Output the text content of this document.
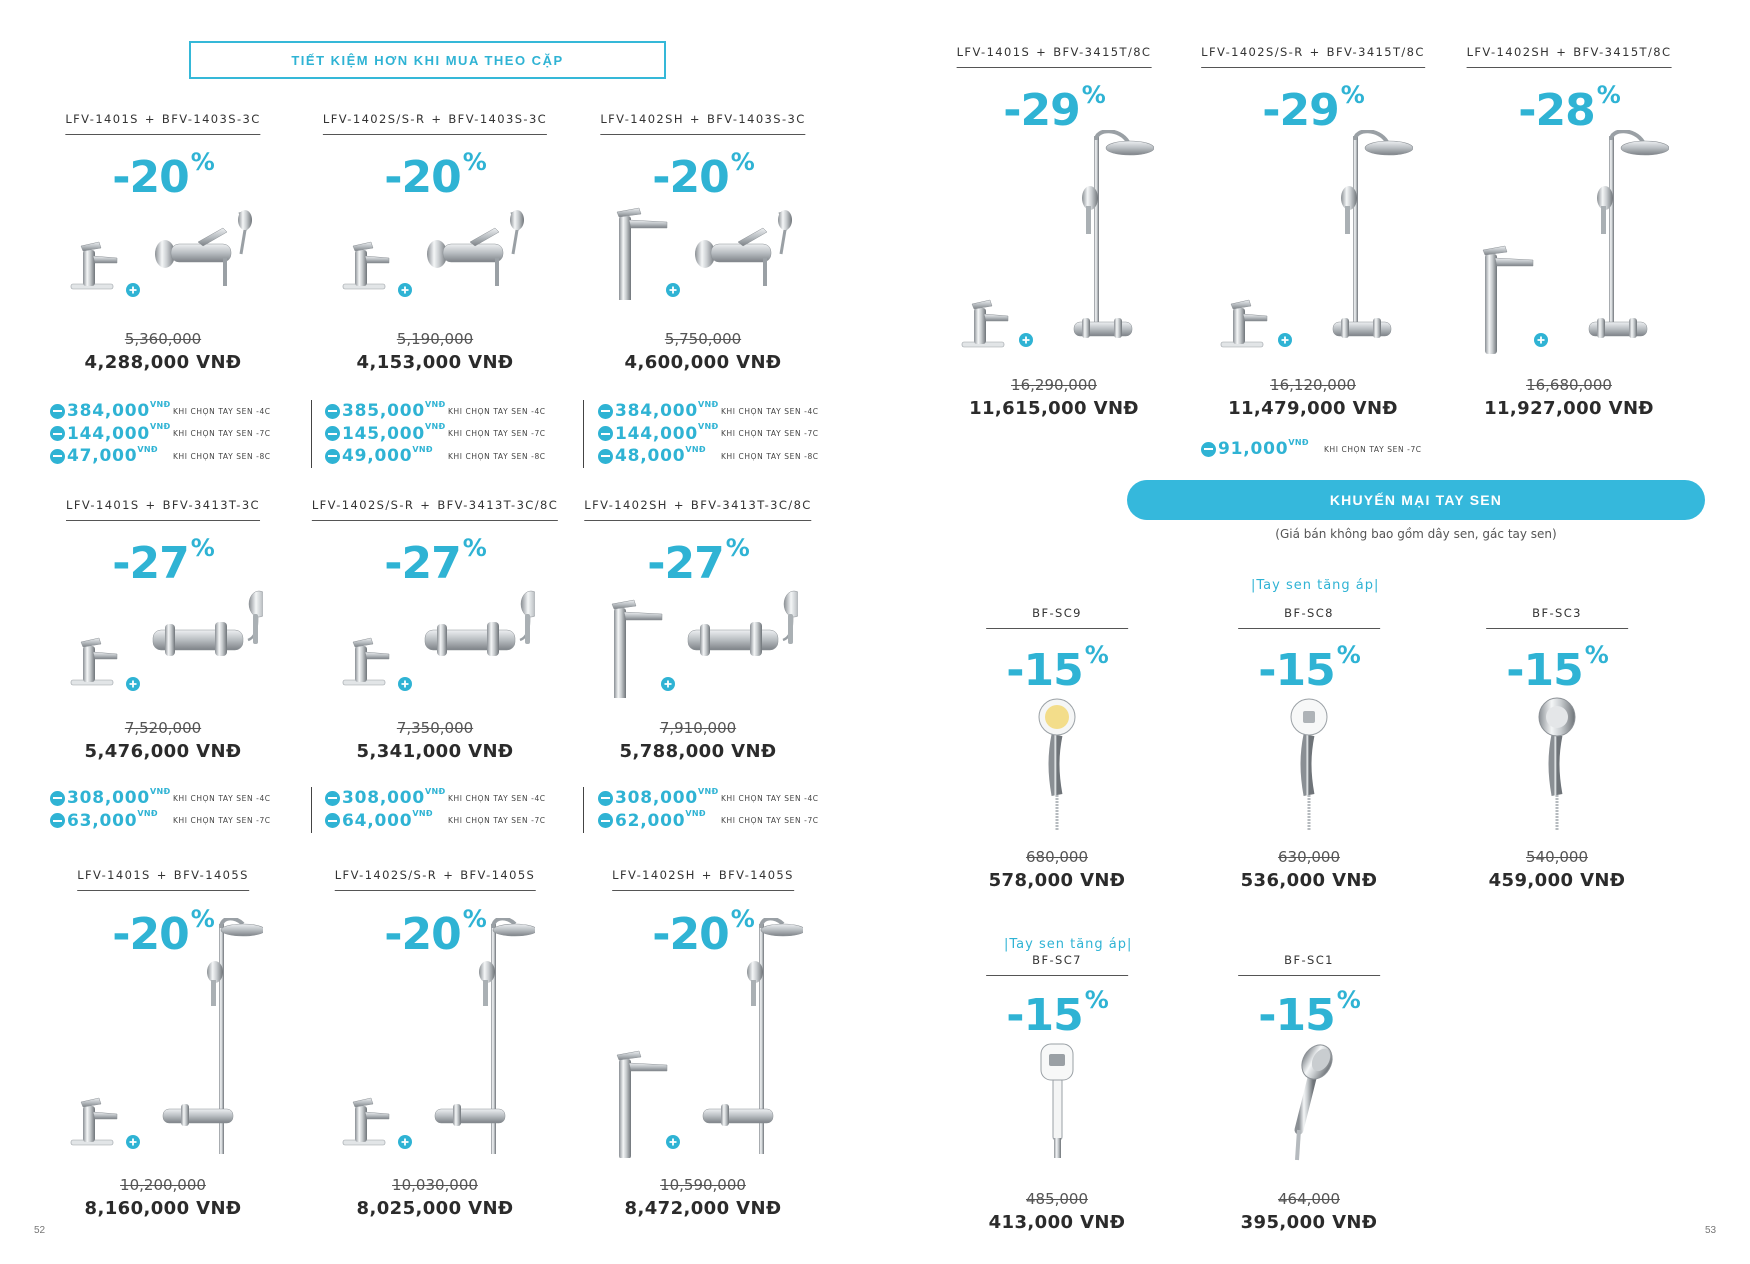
TIẾT KIỆM HƠN KHI MUA THEO CẶP
LFV-1401S + BFV-1403S-3C
-20%
5,360,000
4,288,000 VNĐ
LFV-1402S/S-R + BFV-1403S-3C
-20%
5,190,000
4,153,000 VNĐ
LFV-1402SH + BFV-1403S-3C
-20%
5,750,000
4,600,000 VNĐ
LFV-1401S + BFV-3413T-3C
-27%
7,520,000
5,476,000 VNĐ
LFV-1402S/S-R + BFV-3413T-3C/8C
-27%
7,350,000
5,341,000 VNĐ
LFV-1402SH + BFV-3413T-3C/8C
-27%
7,910,000
5,788,000 VNĐ
LFV-1401S + BFV-1405S
-20%
10,200,000
8,160,000 VNĐ
LFV-1402S/S-R + BFV-1405S
-20%
10,030,000
8,025,000 VNĐ
LFV-1402SH + BFV-1405S
-20%
10,590,000
8,472,000 VNĐ
LFV-1401S + BFV-3415T/8C
-29%
16,290,000
11,615,000 VNĐ
LFV-1402S/S-R + BFV-3415T/8C
-29%
16,120,000
11,479,000 VNĐ
LFV-1402SH + BFV-3415T/8C
-28%
16,680,000
11,927,000 VNĐ
BF-SC9
-15%
680,000
578,000 VNĐ
BF-SC8
-15%
630,000
536,000 VNĐ
BF-SC3
-15%
540,000
459,000 VNĐ
BF-SC7
-15%
485,000
413,000 VNĐ
BF-SC1
-15%
464,000
395,000 VNĐ
KHUYẾN MẠI TAY SEN
(Giá bán không bao gồm dây sen, gác tay sen)
|Tay sen tăng áp|
|Tay sen tăng áp|
52	53
$384,000^{VNĐ}$
KHI CHỌN TAY SEN -4C
$144,000^{VNĐ}$
KHI CHỌN TAY SEN -7C
$47,000^{VNĐ}$
KHI CHỌN TAY SEN -8C
$385,000^{VNĐ}$
KHI CHỌN TAY SEN -4C
$145,000^{VNĐ}$
KHI CHỌN TAY SEN -7C
$49,000^{VNĐ}$
KHI CHỌN TAY SEN -8C
$384,000^{VNĐ}$
KHI CHỌN TAY SEN -4C
$144,000^{VNĐ}$
KHI CHỌN TAY SEN -7C
$48,000^{VNĐ}$
KHI CHỌN TAY SEN -8C
$308,000^{VNĐ}$
KHI CHỌN TAY SEN -4C
$63,000^{VNĐ}$
KHI CHỌN TAY SEN -7C
$308,000^{VNĐ}$
KHI CHỌN TAY SEN -4C
$64,000^{VNĐ}$
KHI CHỌN TAY SEN -7C
$308,000^{VNĐ}$
KHI CHỌN TAY SEN -4C
$62,000^{VNĐ}$
KHI CHỌN TAY SEN -7C
$91,000^{VNĐ}$
KHI CHỌN TAY SEN -7C
